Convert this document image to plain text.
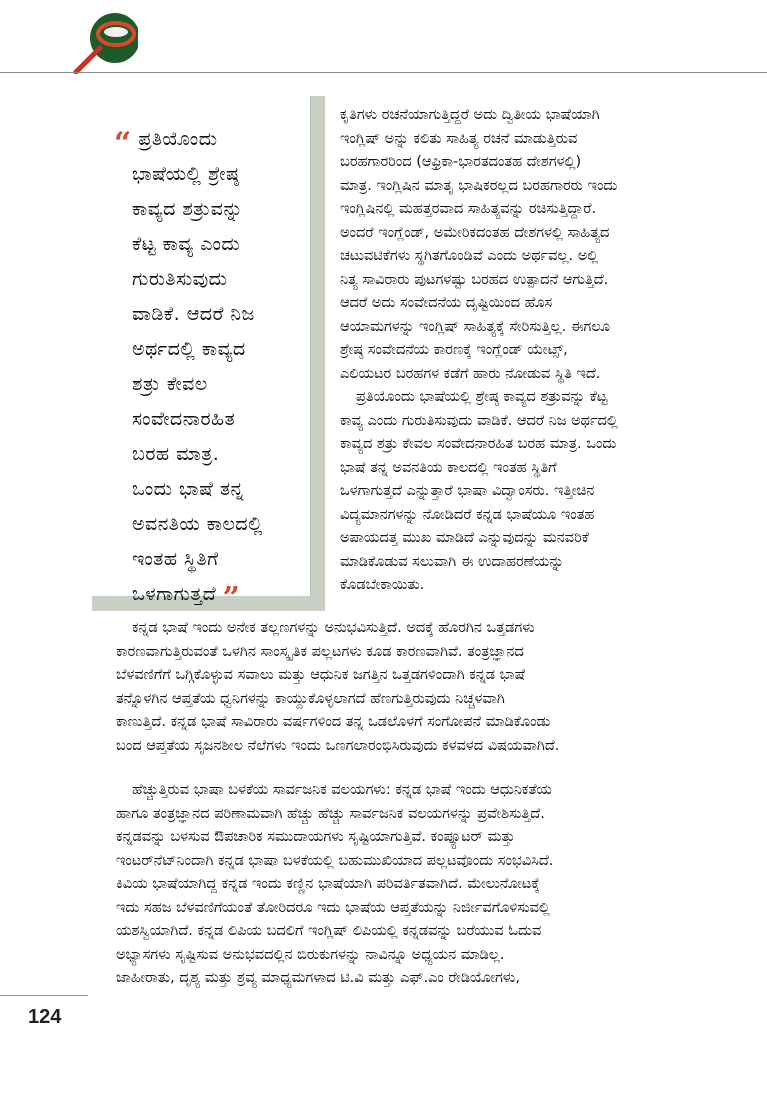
“ ಪ್ರತಿಯೊಂದು
ಭಾಷೆಯಲ್ಲಿ ಶ್ರೇಷ್ಠ
ಕಾವ್ಯದ ಶತ್ರುವನ್ನು
ಕೆಟ್ಟ ಕಾವ್ಯ ಎಂದು
ಗುರುತಿಸುವುದು
ವಾಡಿಕೆ. ಆದರೆ ನಿಜ
ಅರ್ಥದಲ್ಲಿ ಕಾವ್ಯದ
ಶತ್ರು ಕೇವಲ
ಸಂವೇದನಾರಹಿತ
ಬರಹ ಮಾತ್ರ.
ಒಂದು ಭಾಷೆ ತನ್ನ
ಅವನತಿಯ ಕಾಲದಲ್ಲಿ
ಇಂತಹ ಸ್ಥಿತಿಗೆ
ಒಳಗಾಗುತ್ತದೆ ”
ಕೃತಿಗಳು ರಚನೆಯಾಗುತ್ತಿದ್ದರೆ ಅದು ದ್ವಿತೀಯ ಭಾಷೆಯಾಗಿ
ಇಂಗ್ಲಿಷ್ ಅನ್ನು ಕಲಿತು ಸಾಹಿತ್ಯ ರಚನೆ ಮಾಡುತ್ತಿರುವ
ಬರಹಗಾರರಿಂದ (ಆಫ್ರಿಕಾ-ಭಾರತದಂತಹ ದೇಶಗಳಲ್ಲಿ)
ಮಾತ್ರ. ಇಂಗ್ಲಿಷಿನ ಮಾತೃ ಭಾಷಿಕರಲ್ಲದ ಬರಹಗಾರರು ಇಂದು
ಇಂಗ್ಲಿಷಿನಲ್ಲಿ ಮಹತ್ತರವಾದ ಸಾಹಿತ್ಯವನ್ನು ರಚಿಸುತ್ತಿದ್ದಾರೆ.
ಅಂದರೆ ಇಂಗ್ಲೆಂಡ್, ಅಮೇರಿಕದಂತಹ ದೇಶಗಳಲ್ಲಿ ಸಾಹಿತ್ಯದ
ಚಟುವಟಿಕೆಗಳು ಸ್ಥಗಿತಗೊಂಡಿವೆ ಎಂದು ಅರ್ಥವಲ್ಲ. ಅಲ್ಲಿ
ನಿತ್ಯ ಸಾವಿರಾರು ಪುಟಗಳಷ್ಟು ಬರಹದ ಉತ್ಪಾದನೆ ಆಗುತ್ತಿದೆ.
ಆದರೆ ಅದು ಸಂವೇದನೆಯ ದೃಷ್ಟಿಯಿಂದ ಹೊಸ
ಆಯಾಮಗಳನ್ನು ಇಂಗ್ಲಿಷ್ ಸಾಹಿತ್ಯಕ್ಕೆ ಸೇರಿಸುತ್ತಿಲ್ಲ. ಈಗಲೂ
ಶ್ರೇಷ್ಠ ಸಂವೇದನೆಯ ಕಾರಣಕ್ಕೆ ಇಂಗ್ಲೆಂಡ್ ಯೇಟ್ಸ್,
ಎಲಿಯಟರ ಬರಹಗಳ ಕಡೆಗೆ ಹಾರು ನೋಡುವ ಸ್ಥಿತಿ ಇದೆ.
ಪ್ರತಿಯೊಂದು ಭಾಷೆಯಲ್ಲಿ ಶ್ರೇಷ್ಠ ಕಾವ್ಯದ ಶತ್ರುವನ್ನು ಕೆಟ್ಟ
ಕಾವ್ಯ ಎಂದು ಗುರುತಿಸುವುದು ವಾಡಿಕೆ. ಆದರೆ ನಿಜ ಅರ್ಥದಲ್ಲಿ
ಕಾವ್ಯದ ಶತ್ರು ಕೇವಲ ಸಂವೇದನಾರಹಿತ ಬರಹ ಮಾತ್ರ. ಒಂದು
ಭಾಷೆ ತನ್ನ ಅವನತಿಯ ಕಾಲದಲ್ಲಿ ಇಂತಹ ಸ್ಥಿತಿಗೆ
ಒಳಗಾಗುತ್ತದೆ ಎನ್ನುತ್ತಾರೆ ಭಾಷಾ ವಿದ್ವಾಂಸರು. ಇತ್ತೀಚಿನ
ವಿದ್ಯಮಾನಗಳನ್ನು ನೋಡಿದರೆ ಕನ್ನಡ ಭಾಷೆಯೂ ಇಂತಹ
ಅಪಾಯದತ್ತ ಮುಖ ಮಾಡಿದೆ ಎನ್ನುವುದನ್ನು ಮನವರಿಕೆ
ಮಾಡಿಕೊಡುವ ಸಲುವಾಗಿ ಈ ಉದಾಹರಣೆಯನ್ನು
ಕೊಡಬೇಕಾಯಿತು.
ಕನ್ನಡ ಭಾಷೆ ಇಂದು ಅನೇಕ ತಲ್ಲಣಗಳನ್ನು ಅನುಭವಿಸುತ್ತಿದೆ. ಅದಕ್ಕೆ ಹೊರಗಿನ ಒತ್ತಡಗಳು
ಕಾರಣವಾಗುತ್ತಿರುವಂತೆ ಒಳಗಿನ ಸಾಂಸ್ಕೃತಿಕ ಪಲ್ಲಟಗಳು ಕೂಡ ಕಾರಣವಾಗಿವೆ. ತಂತ್ರಜ್ಞಾನದ
ಬೆಳವಣಿಗೆಗೆ ಒಗ್ಗಿಕೊಳ್ಳುವ ಸವಾಲು ಮತ್ತು ಆಧುನಿಕ ಜಗತ್ತಿನ ಒತ್ತಡಗಳಿಂದಾಗಿ ಕನ್ನಡ ಭಾಷೆ
ತನ್ನೊಳಗಿನ ಆಪ್ತತೆಯ ಧ್ವನಿಗಳನ್ನು ಕಾಯ್ದುಕೊಳ್ಳಲಾಗದೆ ಹೆಣಗುತ್ತಿರುವುದು ನಿಚ್ಚಳವಾಗಿ
ಕಾಣುತ್ತಿದೆ. ಕನ್ನಡ ಭಾಷೆ ಸಾವಿರಾರು ವರ್ಷಗಳಿಂದ ತನ್ನ ಒಡಲೊಳಗೆ ಸಂಗೋಪನೆ ಮಾಡಿಕೊಂಡು
ಬಂದ ಆಪ್ತತೆಯ ಸೃಜನಶೀಲ ನೆಲೆಗಳು ಇಂದು ಒಣಗಲಾರಂಭಿಸಿರುವುದು ಕಳವಳದ ವಿಷಯವಾಗಿದೆ.
ಹೆಚ್ಚುತ್ತಿರುವ ಭಾಷಾ ಬಳಕೆಯ ಸಾರ್ವಜನಿಕ ವಲಯಗಳು: ಕನ್ನಡ ಭಾಷೆ ಇಂದು ಆಧುನಿಕತೆಯ
ಹಾಗೂ ತಂತ್ರಜ್ಞಾನದ ಪರಿಣಾಮವಾಗಿ ಹೆಚ್ಚು ಹೆಚ್ಚು ಸಾರ್ವಜನಿಕ ವಲಯಗಳನ್ನು ಪ್ರವೇಶಿಸುತ್ತಿದೆ.
ಕನ್ನಡವನ್ನು ಬಳಸುವ ಔಪಚಾರಿಕ ಸಮುದಾಯಗಳು ಸೃಷ್ಟಿಯಾಗುತ್ತಿವೆ. ಕಂಪ್ಯೂಟರ್ ಮತ್ತು
ಇಂಟರ್‌ನೆಟ್‌ನಿಂದಾಗಿ ಕನ್ನಡ ಭಾಷಾ ಬಳಕೆಯಲ್ಲಿ ಬಹುಮುಖಿಯಾದ ಪಲ್ಲಟವೊಂದು ಸಂಭವಿಸಿದೆ.
ಕಿವಿಯ ಭಾಷೆಯಾಗಿದ್ದ ಕನ್ನಡ ಇಂದು ಕಣ್ಣಿನ ಭಾಷೆಯಾಗಿ ಪರಿವರ್ತಿತವಾಗಿದೆ. ಮೇಲುನೋಟಕ್ಕೆ
ಇದು ಸಹಜ ಬೆಳವಣಿಗೆಯಂತೆ ತೋರಿದರೂ ಇದು ಭಾಷೆಯ ಆಪ್ತತೆಯನ್ನು ನಿರ್ಜೀವಗೊಳಿಸುವಲ್ಲಿ
ಯಶಸ್ವಿಯಾಗಿದೆ. ಕನ್ನಡ ಲಿಪಿಯ ಬದಲಿಗೆ ಇಂಗ್ಲಿಷ್ ಲಿಪಿಯಲ್ಲಿ ಕನ್ನಡವನ್ನು ಬರೆಯುವ ಓದುವ
ಅಭ್ಯಾಸಗಳು ಸೃಷ್ಟಿಸುವ ಅನುಭವದಲ್ಲಿನ ಬಿರುಕುಗಳನ್ನು ನಾವಿನ್ನೂ ಅಧ್ಯಯನ ಮಾಡಿಲ್ಲ.
ಜಾಹೀರಾತು, ದೃಶ್ಯ ಮತ್ತು ಶ್ರವ್ಯ ಮಾಧ್ಯಮಗಳಾದ ಟಿ.ವಿ ಮತ್ತು ಎಫ್.ಎಂ ರೇಡಿಯೋಗಳು,
124
